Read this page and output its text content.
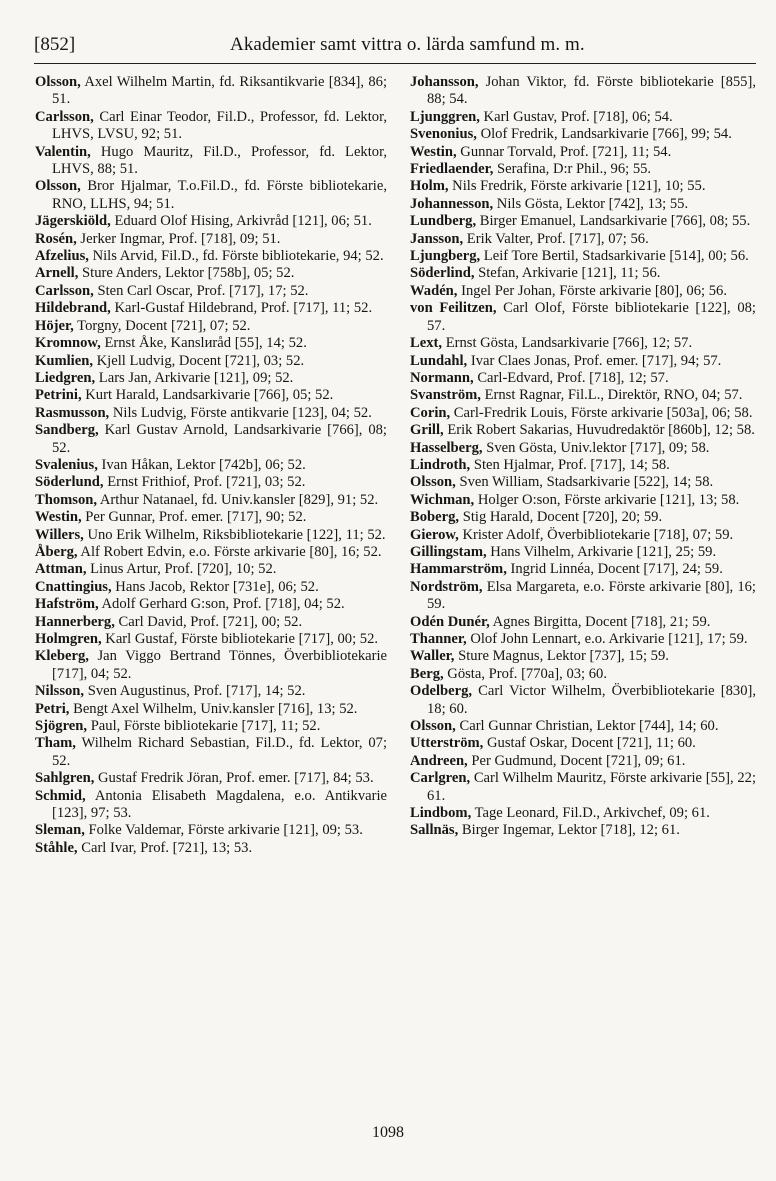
[852]	Akademier samt vittra o. lärda samfund m. m.

Olsson, Axel Wilhelm Martin, fd. Riksantikvarie [834], 86; 51.

Carlsson, Carl Einar Teodor, Fil.D., Professor, fd. Lektor, LHVS, LVSU, 92; 51.

Valentin, Hugo Mauritz, Fil.D., Professor, fd. Lektor, LHVS, 88; 51.

Olsson, Bror Hjalmar, T.o.Fil.D., fd. Förste bibliotekarie, RNO, LLHS, 94; 51.

Jägerskiöld, Eduard Olof Hising, Arkivråd [121], 06; 51.

Rosén, Jerker Ingmar, Prof. [718], 09; 51.

Afzelius, Nils Arvid, Fil.D., fd. Förste bibliotekarie, 94; 52.

Arnell, Sture Anders, Lektor [758b], 05; 52.

Carlsson, Sten Carl Oscar, Prof. [717], 17; 52.

Hildebrand, Karl-Gustaf Hildebrand, Prof. [717], 11; 52.

Höjer, Torgny, Docent [721], 07; 52.

Kromnow, Ernst Åke, Kanslиråd [55], 14; 52.

Kumlien, Kjell Ludvig, Docent [721], 03; 52.

Liedgren, Lars Jan, Arkivarie [121], 09; 52.

Petrini, Kurt Harald, Landsarkivarie [766], 05; 52.

Rasmusson, Nils Ludvig, Förste antikvarie [123], 04; 52.

Sandberg, Karl Gustav Arnold, Landsarkivarie [766], 08; 52.

Svalenius, Ivan Håkan, Lektor [742b], 06; 52.

Söderlund, Ernst Frithiof, Prof. [721], 03; 52.

Thomson, Arthur Natanael, fd. Univ.kansler [829], 91; 52.

Westin, Per Gunnar, Prof. emer. [717], 90; 52.

Willers, Uno Erik Wilhelm, Riksbibliotekarie [122], 11; 52.

Åberg, Alf Robert Edvin, e.o. Förste arkivarie [80], 16; 52.

Attman, Linus Artur, Prof. [720], 10; 52.

Cnattingius, Hans Jacob, Rektor [731e], 06; 52.

Hafström, Adolf Gerhard G:son, Prof. [718], 04; 52.

Hannerberg, Carl David, Prof. [721], 00; 52.

Holmgren, Karl Gustaf, Förste bibliotekarie [717], 00; 52.

Kleberg, Jan Viggo Bertrand Tönnes, Överbibliotekarie [717], 04; 52.

Nilsson, Sven Augustinus, Prof. [717], 14; 52.

Petri, Bengt Axel Wilhelm, Univ.kansler [716], 13; 52.

Sjögren, Paul, Förste bibliotekarie [717], 11; 52.

Tham, Wilhelm Richard Sebastian, Fil.D., fd. Lektor, 07; 52.

Sahlgren, Gustaf Fredrik Jöran, Prof. emer. [717], 84; 53.

Schmid, Antonia Elisabeth Magdalena, e.o. Antikvarie [123], 97; 53.

Sleman, Folke Valdemar, Förste arkivarie [121], 09; 53.

Ståhle, Carl Ivar, Prof. [721], 13; 53.

Johansson, Johan Viktor, fd. Förste bibliotekarie [855], 88; 54.

Ljunggren, Karl Gustav, Prof. [718], 06; 54.

Svenonius, Olof Fredrik, Landsarkivarie [766], 99; 54.

Westin, Gunnar Torvald, Prof. [721], 11; 54.

Friedlaender, Serafina, D:r Phil., 96; 55.

Holm, Nils Fredrik, Förste arkivarie [121], 10; 55.

Johannesson, Nils Gösta, Lektor [742], 13; 55.

Lundberg, Birger Emanuel, Landsarkivarie [766], 08; 55.

Jansson, Erik Valter, Prof. [717], 07; 56.

Ljungberg, Leif Tore Bertil, Stadsarkivarie [514], 00; 56.

Söderlind, Stefan, Arkivarie [121], 11; 56.

Wadén, Ingel Per Johan, Förste arkivarie [80], 06; 56.

von Feilitzen, Carl Olof, Förste bibliotekarie [122], 08; 57.

Lext, Ernst Gösta, Landsarkivarie [766], 12; 57.

Lundahl, Ivar Claes Jonas, Prof. emer. [717], 94; 57.

Normann, Carl-Edvard, Prof. [718], 12; 57.

Svanström, Ernst Ragnar, Fil.L., Direktör, RNO, 04; 57.

Corin, Carl-Fredrik Louis, Förste arkivarie [503a], 06; 58.

Grill, Erik Robert Sakarias, Huvudredaktör [860b], 12; 58.

Hasselberg, Sven Gösta, Univ.lektor [717], 09; 58.

Lindroth, Sten Hjalmar, Prof. [717], 14; 58.

Olsson, Sven William, Stadsarkivarie [522], 14; 58.

Wichman, Holger O:son, Förste arkivarie [121], 13; 58.

Boberg, Stig Harald, Docent [720], 20; 59.

Gierow, Krister Adolf, Överbibliotekarie [718], 07; 59.

Gillingstam, Hans Vilhelm, Arkivarie [121], 25; 59.

Hammarström, Ingrid Linnéa, Docent [717], 24; 59.

Nordström, Elsa Margareta, e.o. Förste arkivarie [80], 16; 59.

Odén Dunér, Agnes Birgitta, Docent [718], 21; 59.

Thanner, Olof John Lennart, e.o. Arkivarie [121], 17; 59.

Waller, Sture Magnus, Lektor [737], 15; 59.

Berg, Gösta, Prof. [770a], 03; 60.

Odelberg, Carl Victor Wilhelm, Överbibliotekarie [830], 18; 60.

Olsson, Carl Gunnar Christian, Lektor [744], 14; 60.

Utterström, Gustaf Oskar, Docent [721], 11; 60.

Andreen, Per Gudmund, Docent [721], 09; 61.

Carlgren, Carl Wilhelm Mauritz, Förste arkivarie [55], 22; 61.

Lindbom, Tage Leonard, Fil.D., Arkivchef, 09; 61.

Sallnäs, Birger Ingemar, Lektor [718], 12; 61.

1098
